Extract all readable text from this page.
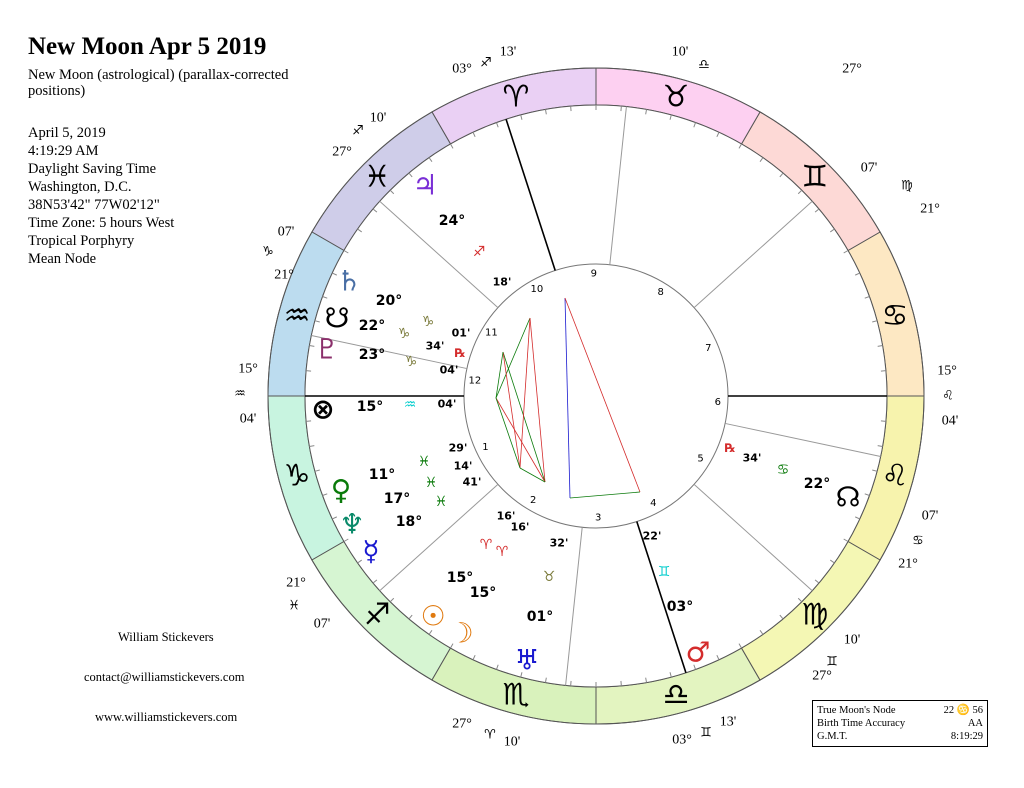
New Moon Apr 5 2019
New Moon (astrological) (parallax-corrected positions)
April 5, 2019
4:19:29 AM
Daylight Saving Time
Washington, D.C.
38N53'42" 77W02'12"
Time Zone: 5 hours West
Tropical Porphyry
Mean Node
William Stickevers
contact@williamstickevers.com
www.williamstickevers.com	True Moon's Node	22 ♋ 56
Birth Time Accuracy	AA
G.M.T.	8:19:29
♌
♋
♊
♉
♈
♓
♒
♑
♐
♏	♎
♍
1
2
3
4
5
6
7
8
9
10
11
12
15°
♒
04'
21°
♓
07'
27°
♈ 10'	03° ♊
13'
27°
♊
10'
21°
♋
07'
15°
♌
04'
21°
♍
07'
27°
♎
10'
03° ♐
13'
27°
♐
10'
21°
♑
07'
♃
24°
♐
18'
♄
20°
♑
01'
☋ 22° ♑
34'
♇ 23° ♑ 04'
℞
⊗ 15° ♒ 04'
♀ 11°
♓
29'
♆
17°
♓
14'
☿
18°
♓
41'
☉
15°
♈
16'
☽
15°
♈
16'
♅
01°
♉
32'
♂
03°
♊
22'
☊
22°
♋
34'
℞
